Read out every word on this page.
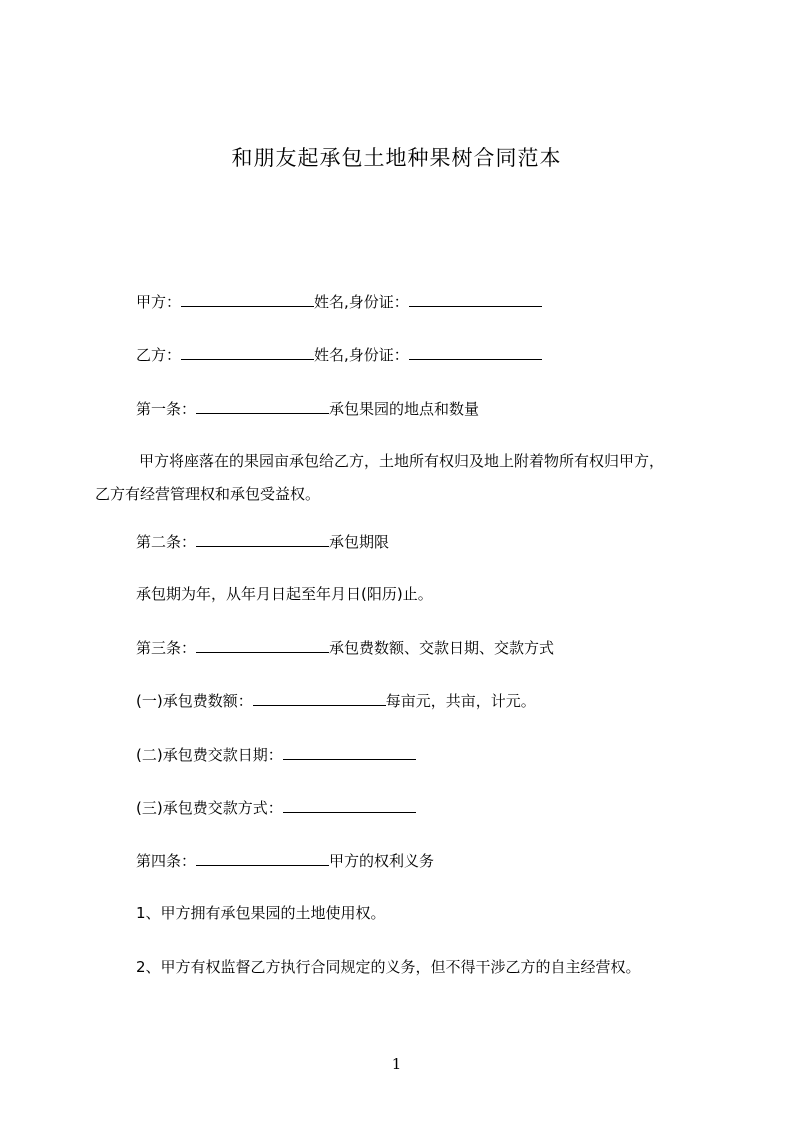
和朋友起承包土地种果树合同范本
甲方：	姓名,身份证：
乙方：	姓名,身份证：
第一条：	承包果园的地点和数量
甲方将座落在的果园亩承包给乙方，土地所有权归及地上附着物所有权归甲方，
乙方有经营管理权和承包受益权。
第二条：	承包期限
承包期为年，从年月日起至年月日(阳历)止。
第三条：	承包费数额、交款日期、交款方式
(一)承包费数额：	每亩元，共亩，计元。
(二)承包费交款日期：
(三)承包费交款方式：
第四条：	甲方的权利义务
1、甲方拥有承包果园的土地使用权。
2、甲方有权监督乙方执行合同规定的义务，但不得干涉乙方的自主经营权。
1
